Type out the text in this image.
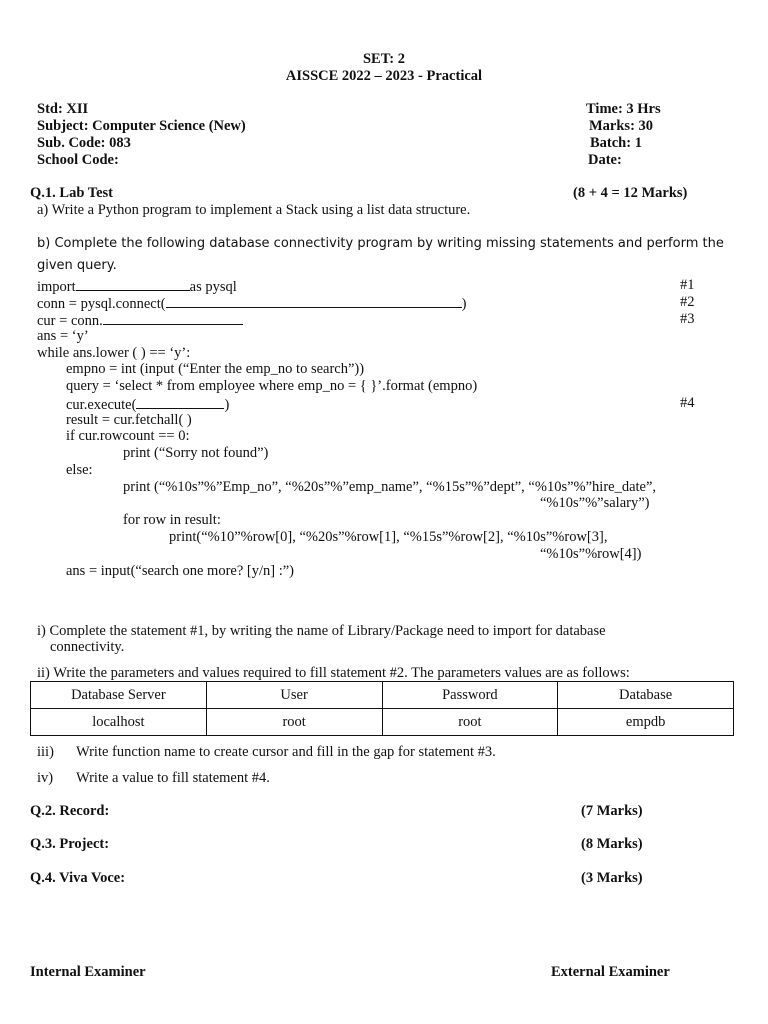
SET: 2
AISSCE 2022 – 2023 - Practical
Std: XII
Subject: Computer Science (New)
Sub. Code: 083
School Code:
Time: 3 Hrs
Marks: 30
Batch: 1
Date:
Q.1. Lab Test	(8 + 4 = 12 Marks)
a) Write a Python program to implement a Stack using a list data structure.
b) Complete the following database connectivity program by writing missing statements and perform the
given query.
import	as pysql	#1
conn = pysql.connect(	)	#2
cur = conn.	#3
ans = ‘y’
while ans.lower ( ) == ‘y’:
empno = int (input (“Enter the emp_no to search”))
query = ‘select * from employee where emp_no = { }’.format (empno)
cur.execute(	)	#4
result = cur.fetchall( )
if cur.rowcount == 0:
print (“Sorry not found”)
else:
print (“%10s”%”Emp_no”, “%20s”%”emp_name”, “%15s”%”dept”, “%10s”%”hire_date”,
“%10s”%”salary”)
for row in result:
print(“%10”%row[0], “%20s”%row[1], “%15s”%row[2], “%10s”%row[3],
“%10s”%row[4])
ans = input(“search one more? [y/n] :”)
i) Complete the statement #1, by writing the name of Library/Package need to import for database
connectivity.
ii) Write the parameters and values required to fill statement #2. The parameters values are as follows:
Database Server	User	Password	Database
localhost	root	root	empdb
iii) Write function name to create cursor and fill in the gap for statement #3.
iv) Write a value to fill statement #4.
Q.2. Record:	(7 Marks)
Q.3. Project:	(8 Marks)
Q.4. Viva Voce:	(3 Marks)
Internal Examiner	External Examiner
